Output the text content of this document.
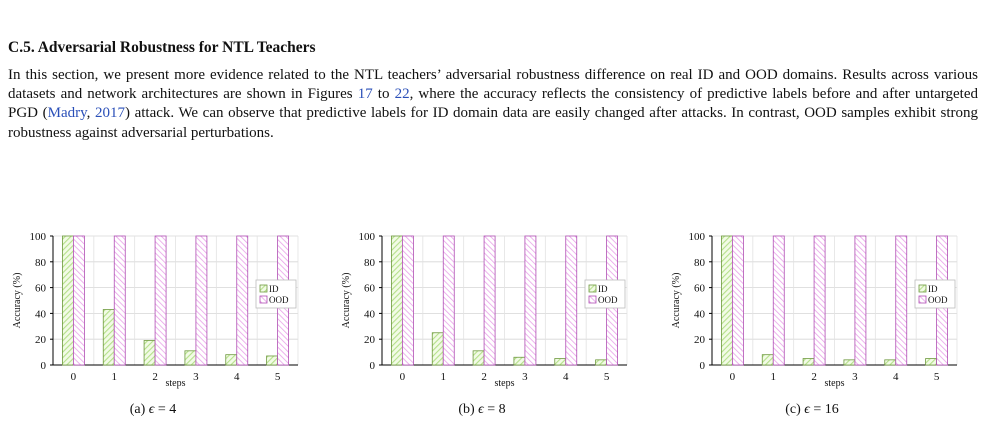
C.5. Adversarial Robustness for NTL Teachers
In this section, we present more evidence related to the NTL teachers’ adversarial robustness difference on real ID and OOD domains. Results across various datasets and network architectures are shown in Figures 17 to 22, where the accuracy reflects the consistency of predictive labels before and after untargeted PGD (Madry, 2017) attack. We can observe that predictive labels for ID domain data are easily changed after attacks. In contrast, OOD samples exhibit strong robustness against adversarial perturbations.
0
20
40
60
80
100
Accuracy (%)
0	1	2	3	4	5
steps
ID
OOD
(a) ϵ = 4
0
20
40
60
80
100
Accuracy (%)
0	1	2	3	4	5
steps
ID
OOD
(b) ϵ = 8
0
20
40
60
80
100
Accuracy (%)
0	1	2	3	4	5
steps
ID
OOD
(c) ϵ = 16
